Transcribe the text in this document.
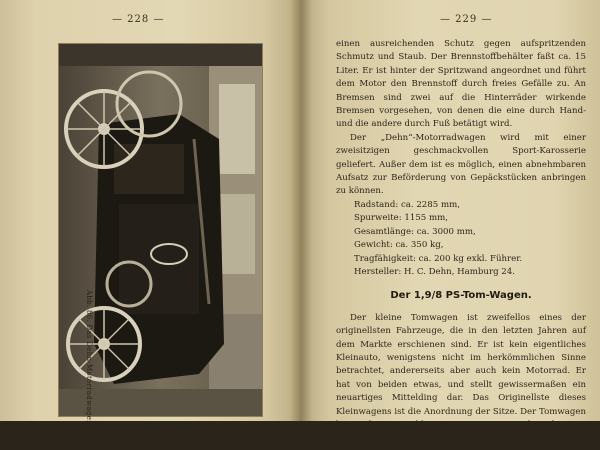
— 228 —
Abb. 86. Das Dehn-Motorradwagen.
— 229 —

einen ausreichenden Schutz gegen aufspritzenden Schmutz und Staub. Der Brennstoffbehälter faßt ca. 15 Liter. Er ist hinter der Spritzwand angeordnet und führt dem Motor den Brennstoff durch freies Gefälle zu. An Bremsen sind zwei auf die Hinterräder wirkende Bremsen vorgesehen, von denen die eine durch Hand- und die andere durch Fuß betätigt wird.

Der „Dehn“-Motorradwagen wird mit einer zweisitzigen geschmackvollen Sport-Karosserie geliefert. Außer dem ist es möglich, einen abnehmbaren Aufsatz zur Beförderung von Gepäckstücken anbringen zu können.

Radstand: ca. 2285 mm,

Spurweite: 1155 mm,

Gesamtlänge: ca. 3000 mm,

Gewicht: ca. 350 kg,

Tragfähigkeit: ca. 200 kg exkl. Führer.

Hersteller: H. C. Dehn, Hamburg 24.

Der 1,9/8 PS-Tom-Wagen.

Der kleine Tomwagen ist zweifellos eines der originellsten Fahrzeuge, die in den letzten Jahren auf dem Markte erschienen sind. Er ist kein eigentliches Kleinauto, wenigstens nicht im herkömmlichen Sinne betrachtet, andererseits aber auch kein Motorrad. Er hat von beiden etwas, und stellt gewissermaßen ein neuartiges Mittelding dar. Das Originellste dieses Kleinwagens ist die Anordnung der Sitze. Der Tomwagen besitzt keine geschlossene Karosserie, sondern diese ist in die ver-
